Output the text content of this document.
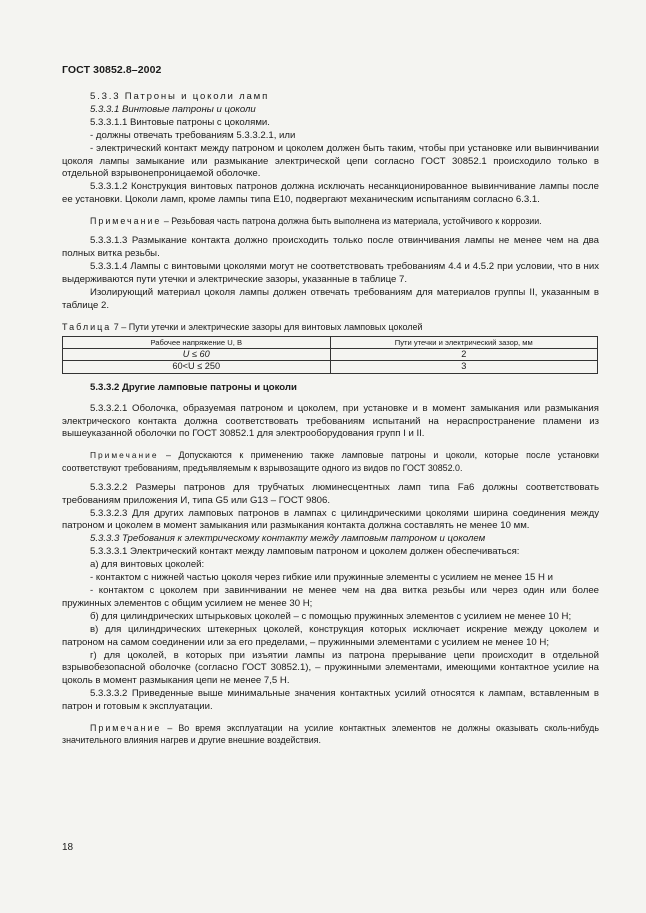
ГОСТ 30852.8–2002

5.3.3 Патроны и цоколи ламп

5.3.3.1 Винтовые патроны и цоколи

5.3.3.1.1 Винтовые патроны с цоколями.

- должны отвечать требованиям 5.3.3.2.1, или

- электрический контакт между патроном и цоколем должен быть таким, чтобы при установке или вывинчивании цоколя лампы замыкание или размыкание электрической цепи согласно ГОСТ 30852.1 происходило только в отдельной взрывонепроницаемой оболочке.

5.3.3.1.2 Конструкция винтовых патронов должна исключать несанкционированное вывинчивание лампы после ее установки. Цоколи ламп, кроме лампы типа Е10, подвергают механическим испытаниям согласно 6.3.1.

Примечание – Резьбовая часть патрона должна быть выполнена из материала, устойчивого к коррозии.

5.3.3.1.3 Размыкание контакта должно происходить только после отвинчивания лампы не менее чем на два полных витка резьбы.

5.3.3.1.4 Лампы с винтовыми цоколями могут не соответствовать требованиям 4.4 и 4.5.2 при условии, что в них выдерживаются пути утечки и электрические зазоры, указанные в таблице 7.

Изолирующий материал цоколя лампы должен отвечать требованиям для материалов группы II, указанным в таблице 2.

Таблица 7 – Пути утечки и электрические зазоры для винтовых ламповых цоколей

Рабочее напряжение U, В	Пути утечки и электрический зазор, мм
U ≤ 60	2
60<U ≤ 250	3

5.3.3.2 Другие ламповые патроны и цоколи

5.3.3.2.1 Оболочка, образуемая патроном и цоколем, при установке и в момент замыкания или размыкания электрического контакта должна соответствовать требованиям испытаний на нераспространение пламени из вышеуказанной оболочки по ГОСТ 30852.1 для электрооборудования групп I и II.

Примечание – Допускаются к применению также ламповые патроны и цоколи, которые после установки соответствуют требованиям, предъявляемым к взрывозащите одного из видов по ГОСТ 30852.0.

5.3.3.2.2 Размеры патронов для трубчатых люминесцентных ламп типа Fa6 должны соответствовать требованиям приложения И, типа G5 или G13 – ГОСТ 9806.

5.3.3.2.3 Для других ламповых патронов в лампах с цилиндрическими цоколями ширина соединения между патроном и цоколем в момент замыкания или размыкания контакта должна составлять не менее 10 мм.

5.3.3.3 Требования к электрическому контакту между ламповым патроном и цоколем

5.3.3.3.1 Электрический контакт между ламповым патроном и цоколем должен обеспечиваться:

а) для винтовых цоколей:

- контактом с нижней частью цоколя через гибкие или пружинные элементы с усилием не менее 15 Н и

- контактом с цоколем при завинчивании не менее чем на два витка резьбы или через один или более пружинных элементов с общим усилием не менее 30 Н;

б) для цилиндрических штырьковых цоколей – с помощью пружинных элементов с усилием не менее 10 Н;

в) для цилиндрических штекерных цоколей, конструкция которых исключает искрение между цоколем и патроном на самом соединении или за его пределами, – пружинными элементами с усилием не менее 10 Н;

г) для цоколей, в которых при изъятии лампы из патрона прерывание цепи происходит в отдельной взрывобезопасной оболочке (согласно ГОСТ 30852.1), – пружинными элементами, имеющими контактное усилие на цоколь в момент размыкания цепи не менее 7,5 Н.

5.3.3.3.2 Приведенные выше минимальные значения контактных усилий относятся к лампам, вставленным в патрон и готовым к эксплуатации.

Примечание – Во время эксплуатации на усилие контактных элементов не должны оказывать сколь-нибудь значительного влияния нагрев и другие внешние воздействия.

18
